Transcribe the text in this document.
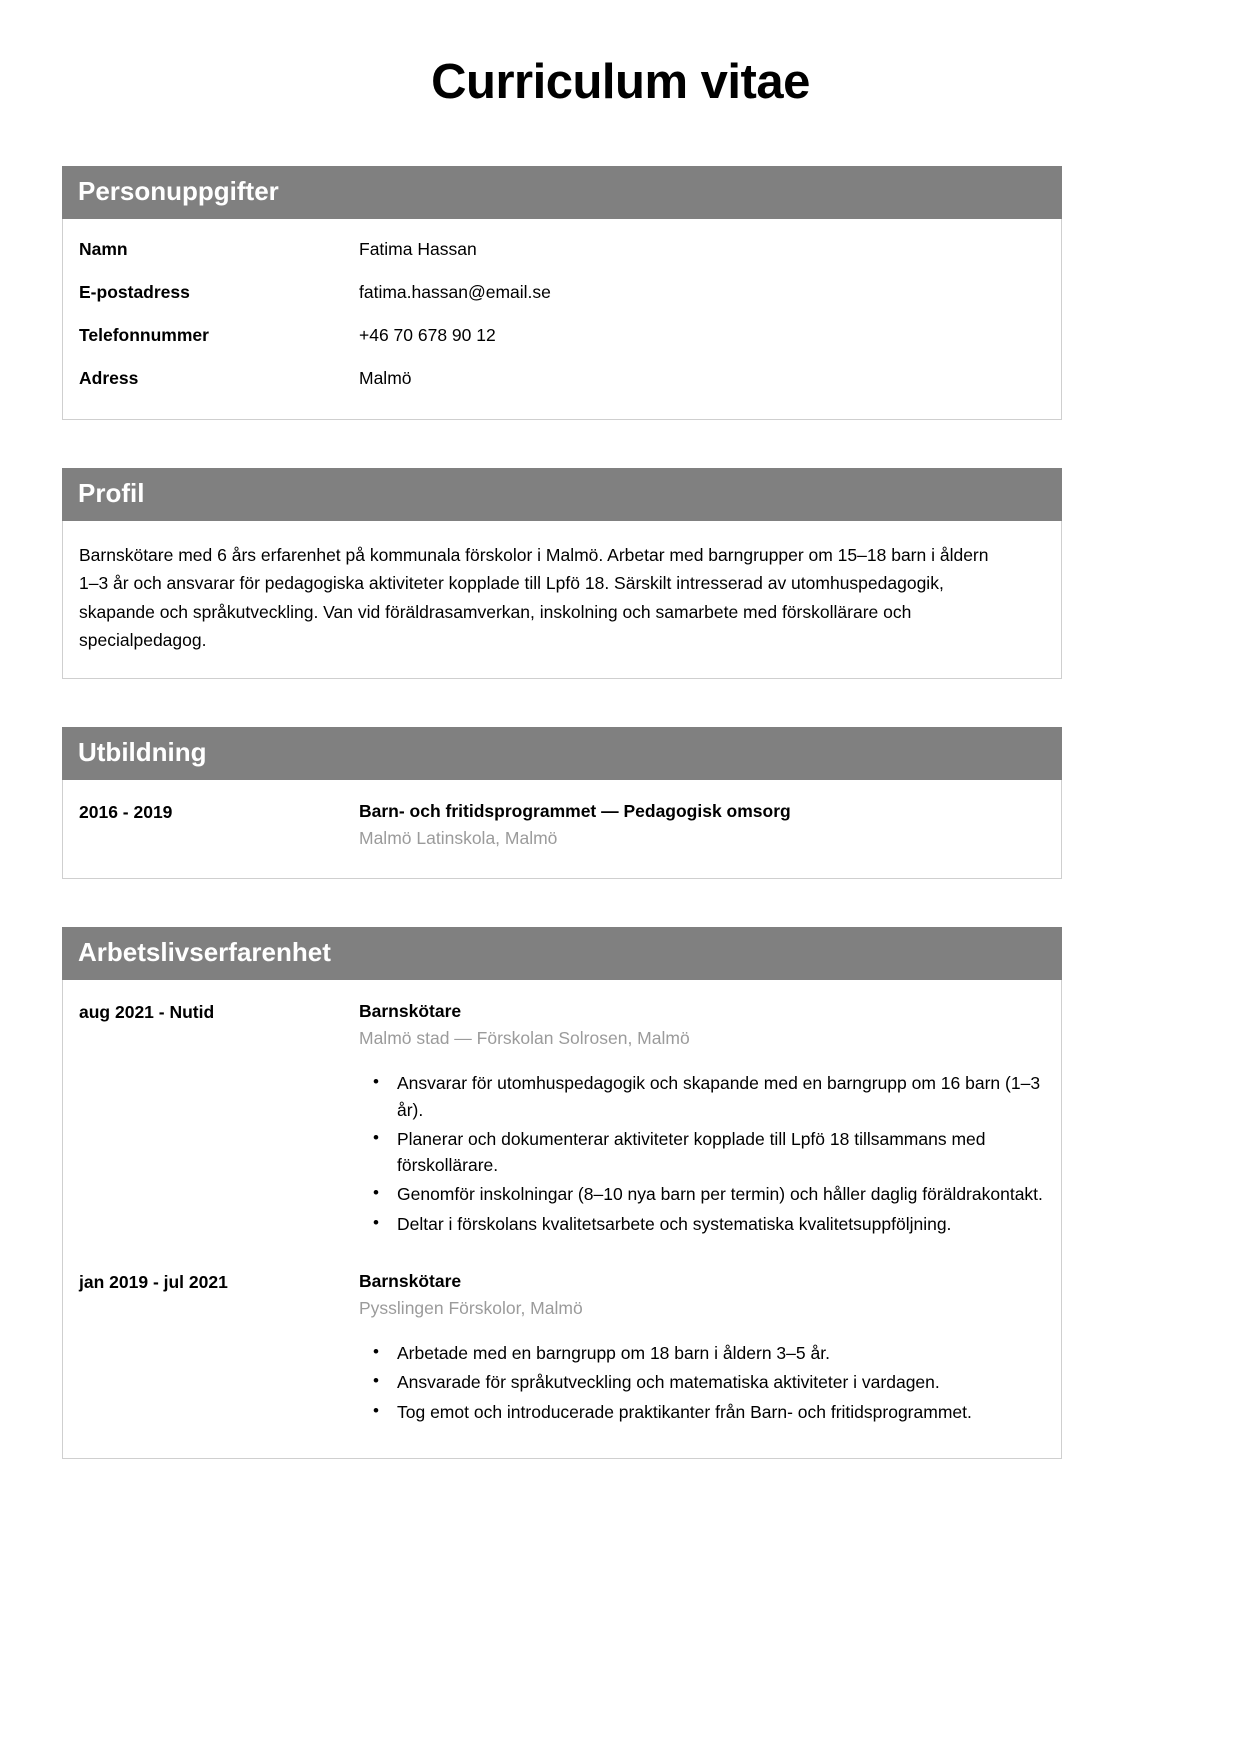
Curriculum vitae
Personuppgifter
Namn	Fatima Hassan
E-postadress	fatima.hassan@email.se
Telefonnummer	+46 70 678 90 12
Adress	Malmö
Profil

Barnskötare med 6 års erfarenhet på kommunala förskolor i Malmö. Arbetar med barngrupper om 15–18 barn i åldern 1–3 år och ansvarar för pedagogiska aktiviteter kopplade till Lpfö 18. Särskilt intresserad av utomhuspedagogik, skapande och språkutveckling. Van vid föräldrasamverkan, inskolning och samarbete med förskollärare och specialpedagog.

Utbildning
2016 - 2019	Barn- och fritidsprogrammet — Pedagogisk omsorg
Malmö Latinskola, Malmö
Arbetslivserfarenhet
aug 2021 - Nutid	Barnskötare
Malmö stad — Förskolan Solrosen, Malmö
• Ansvarar för utomhuspedagogik och skapande med en barngrupp om 16 barn (1–3 år).
• Planerar och dokumenterar aktiviteter kopplade till Lpfö 18 tillsammans med förskollärare.
• Genomför inskolningar (8–10 nya barn per termin) och håller daglig föräldrakontakt.
• Deltar i förskolans kvalitetsarbete och systematiska kvalitetsuppföljning.
jan 2019 - jul 2021	Barnskötare
Pysslingen Förskolor, Malmö
• Arbetade med en barngrupp om 18 barn i åldern 3–5 år.
• Ansvarade för språkutveckling och matematiska aktiviteter i vardagen.
• Tog emot och introducerade praktikanter från Barn- och fritidsprogrammet.
